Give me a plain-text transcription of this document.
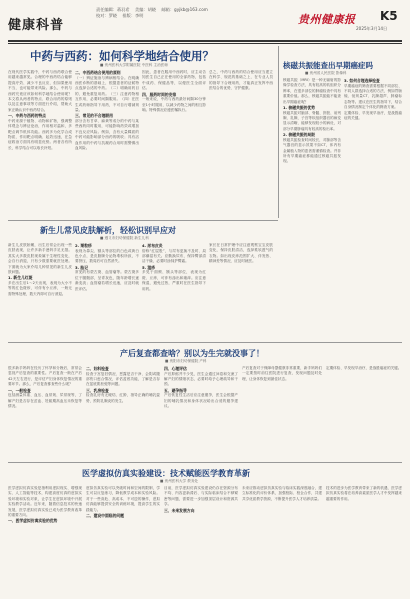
健康科普
责任编辑：蒋羽希 　美编：胡晓 　邮箱：gyjkb@163.com
校对：罗晓 　排版：李明	贵州健康报 K5
2025年3月14日
中药与西药：如何科学地结合使用？
■ 贵州医科大学附属医院 中医科 主治医师

在现代医学实践中，中药与西药联合使用越来越常见。合理的中西药结合能够提高疗效、减少不良反应，但如果使用不当，也可能带来风险。那么，中药与西药究竟应该如何科学地结合使用呢？本文将从两者的特点、联合用药的原则以及注意事项等方面进行介绍，帮助大家正确认识中西药结合。

一、中药与西药的特点

中药来源于植物、动物和矿物，强调整体观念与辨证论治，作用相对温和，多靶点调节机体功能。西药多为化学合成物质，作用靶点明确、起效迅速，在急症救治方面具有明显优势。两者各有所长，科学结合可以取长补短。

二、中西药结合使用的原则

（一）辨证施治与辨病相结合。在明确西医诊断的基础上，根据患者的证候特点选择合适的中药。（二）明确用药目的，避免重复用药。（三）注意药物相互作用，必要时间隔服用。（四）在医生或药师指导下用药，不可自行增减剂量。

三、常见的不合理联用

部分含有甘草、麻黄等成分的中药与某些西药同时服用，可能影响药效或增加不良反应风险。例如，含有大量鞣质的中药可能影响部分西药的吸收；具有活血作用的中药与抗凝药合用时需警惕出血风险。

因此，患者在服用中西药时，应主动告知医生自己正在使用的全部药物，包括中成药、保健品等，以便医生全面评估。

四、服药时间的安排

一般来说，中药与西药最好间隔30分钟至1小时服用，以减少药物之间的相互影响。特殊情况应遵医嘱执行。

总之，中药与西药的结合使用应当建立在科学、规范的基础之上，在专业人员的指导下合理用药，才能真正发挥中西医结合的优势，守护健康。

核磁共振能查出早期癌症吗
■ 贵州省人民医院 影像科

核磁共振（MRI）是一种无辐射的影像学检查方法，具有较高的软组织分辨率，在很多部位的肿瘤检查中具有重要价值。那么，核磁共振能不能查出早期癌症呢？

1. 核磁共振的优势

核磁共振对脑部、脊髓、肝脏、前列腺、乳腺、子宫等软组织器官的病变显示清晰，能够发现较小的病灶，对部分早期肿瘤具有较高的检出率。

2. 核磁共振的局限

核磁共振检查时间较长，对肺部等含气器官的显示效果不如CT，体内有金属植入物的患者需谨慎检查。并非所有早期癌症都能通过核磁共振发现。

3. 如何合理选择检查

早期癌症的筛查需要根据不同部位、不同人群选择合适的方法，例如胃肠镜、低剂量CT、乳腺超声、肿瘤标志物等。建议在医生的指导下，结合自身情况制定个体化的筛查方案。

定期体检、早发现早治疗，是战胜癌症的关键。

新生儿常见皮肤解析，轻松识别早应对
■ 遵义市妇幼保健院 新生儿科

新生儿皮肤娇嫩，出生后常会出现一些皮肤表现，让许多新手爸妈手足无措。其实大多数皮肤现象属于生理性变化，会自行消退，只有少数需要就医处理。下面就为大家介绍几种常见的新生儿皮肤问题。

1. 新生儿红斑

多在出生后1～2天出现，表现为大小不等的红色斑疹，可伴有小丘疹，一般无需特殊处理，数天内即可自行消退。

2. 粟粒疹

表现为鼻尖、额头等部位的白色或黄白色小点，是皮脂腺分泌物堆积所致，不要挤压，数周后可自然消失。

3. 胎记

常见的有蒙古斑、血管瘤等。蒙古斑多位于腰骶部，呈青灰色，随年龄增长逐渐变淡；血管瘤若增长迅速，应及时就医评估。

4. 尿布皮炎

俗称“红屁股”，与尿布更换不及时、局部潮湿有关。应勤换尿布，保持臀部清洁干燥，必要时涂抹护臀霜。

5. 湿疹

多见于面颊、额头等部位，表现为红斑、丘疹，可伴有渗出和瘙痒。应注意保湿，避免过热，严重时在医生指导下用药。

家长在日常护理中应注意观察宝宝皮肤变化，保持皮肤清洁，选择柔软透气的衣物。如出现皮疹范围扩大、伴发热、精神差等情况，应及时就医。

产后复查都查啥？别以为生完就没事了！
■ 贵阳市妇幼保健院 产科

很多新手妈妈在经历了怀孕和分娩后，常常会忽视产后复查的重要性。产后复查一般在产后42天左右进行，是评估产妇身体恢复情况的重要环节。那么，产后复查都查些什么呢？

一、一般检查

包括测量体重、血压、血常规、尿常规等，了解产妇是否存在贫血、妊娠期高血压未恢复等情况。

二、妇科检查

检查子宫复旧情况、恶露是否干净、会阴或腹部伤口愈合情况，评估盆底功能，了解是否存在盆底肌松弛等问题。

三、乳房检查

检查乳房有无硬结、红肿，指导正确的哺乳姿势，预防乳腺炎的发生。

四、心理评估

产后抑郁并不少见，医生会通过问卷和交流了解产妇的情绪状态，必要时给予心理疏导和干预。

五、避孕指导

产后恢复性生活后应注意避孕，医生会根据产妇的哺乳情况和身体状况给出合适的避孕建议。

产后复查对于保障母婴健康非常重要，新手妈妈们一定要按时前往医院进行复查，发现问题及时处理，让身体恢复到最佳状态。

定期体检、早发现早治疗，是战胜癌症的关键。

医学虚拟仿真实验建设：技术赋能医学教育革新
■ 贵州医科大学 教务处

医学虚拟仿真实验是指利用虚拟现实、增强现实、人工智能等技术，构建高度仿真的虚拟实验环境和实验对象，让学生在虚拟环境中开展实验教学活动。近年来，随着信息技术的快速发展，医学虚拟仿真实验已成为医学教育改革的重要方向。

一、医学虚拟仿真实验的优势

虚拟仿真实验可以突破时间和空间的限制，学生可以反复练习，降低教学成本和实验风险。对于一些高危、高成本、不可逆的操作，虚拟仿真能够提供安全的训练环境，提高学生的实践能力。

二、建设中面临的问题

目前，医学虚拟仿真实验建设仍存在资源分布不均、内容更新滞后、与实际临床结合不够紧密等问题，需要进一步加强顶层设计和资源共享。

三、未来发展方向

未来应推动虚拟仿真实验与临床实践深度融合，建立标准化的评价体系，加强校际、校企合作，共建共享优质教学资源，不断提升医学人才培养质量。

技术的进步为医学教育带来了新的机遇，医学虚拟仿真实验将在培养高素质医学人才中发挥越来越重要的作用。
